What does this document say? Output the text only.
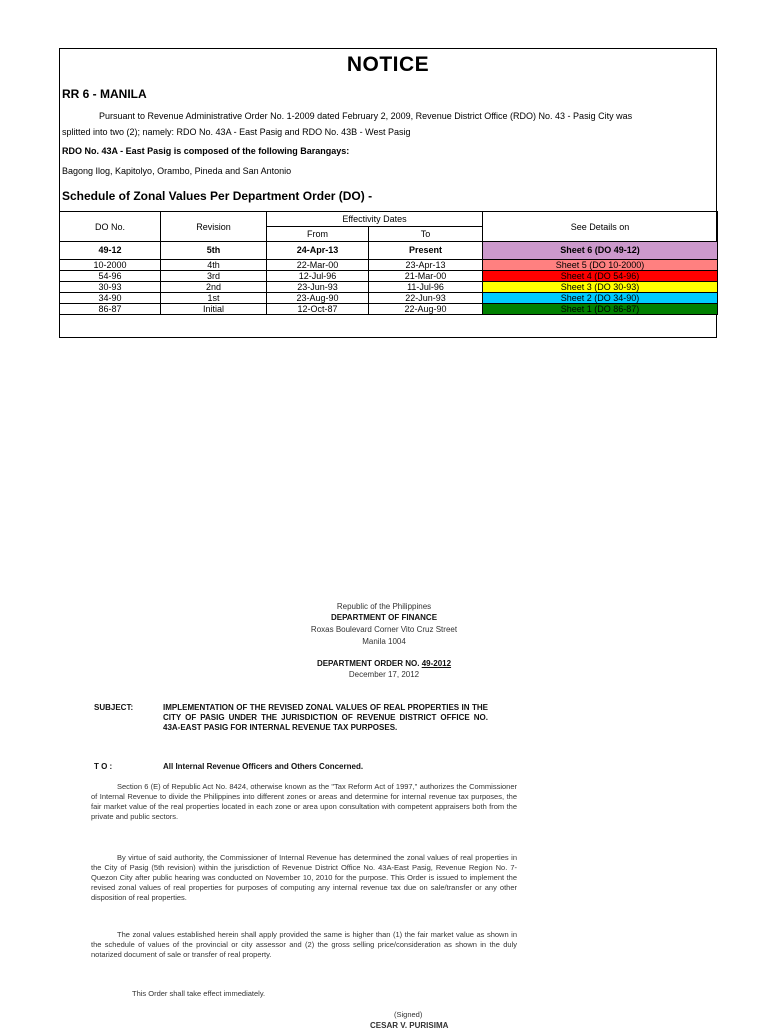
NOTICE
RR 6 - MANILA
Pursuant to Revenue Administrative Order No. 1-2009 dated February 2, 2009, Revenue District Office (RDO) No. 43 - Pasig City was
splitted into two (2); namely: RDO No. 43A - East Pasig and RDO No. 43B - West Pasig
RDO No. 43A - East Pasig is composed of the following Barangays:
Bagong Ilog, Kapitolyo, Orambo, Pineda and San Antonio
Schedule of Zonal Values Per Department Order (DO) -
DO No.	Revision	Effectivity Dates		See Details on
		From	To	
49-12	5th	24-Apr-13	Present	Sheet 6 (DO 49-12)
10-2000	4th	22-Mar-00	23-Apr-13	Sheet 5 (DO 10-2000)
54-96	3rd	12-Jul-96	21-Mar-00	Sheet 4 (DO 54-96)
30-93	2nd	23-Jun-93	11-Jul-96	Sheet 3 (DO 30-93)
34-90	1st	23-Aug-90	22-Jun-93	Sheet 2 (DO 34-90)
86-87	Initial	12-Oct-87	22-Aug-90	Sheet 1 (DO 86-87)
Republic of the Philippines
DEPARTMENT OF FINANCE
Roxas Boulevard Corner Vito Cruz Street
Manila 1004
DEPARTMENT ORDER NO. 49-2012
December 17, 2012
SUBJECT:	IMPLEMENTATION OF THE REVISED ZONAL VALUES OF REAL PROPERTIES IN THE CITY OF PASIG UNDER THE JURISDICTION OF REVENUE DISTRICT OFFICE NO. 43A-EAST PASIG FOR INTERNAL REVENUE TAX PURPOSES.
T O :	All Internal Revenue Officers and Others Concerned.
Section 6 (E) of Republic Act No. 8424, otherwise known as the "Tax Reform Act of 1997," authorizes the Commissioner of Internal Revenue to divide the Philippines into different zones or areas and determine for internal revenue tax purposes, the fair market value of the real properties located in each zone or area upon consultation with competent appraisers both from the private and public sectors.
By virtue of said authority, the Commissioner of Internal Revenue has determined the zonal values of real properties in the City of Pasig (5th revision) within the jurisdiction of Revenue District Office No. 43A-East Pasig, Revenue Region No. 7-Quezon City after public hearing was conducted on November 10, 2010 for the purpose. This Order is issued to implement the revised zonal values of real properties for purposes of computing any internal revenue tax due on sale/transfer or any other disposition of real properties.
The zonal values established herein shall apply provided the same is higher than (1) the fair market value as shown in the schedule of values of the provincial or city assessor and (2) the gross selling price/consideration as shown in the duly notarized document of sale or transfer of real property.
This Order shall take effect immediately.
(Signed)
CESAR V. PURISIMA
